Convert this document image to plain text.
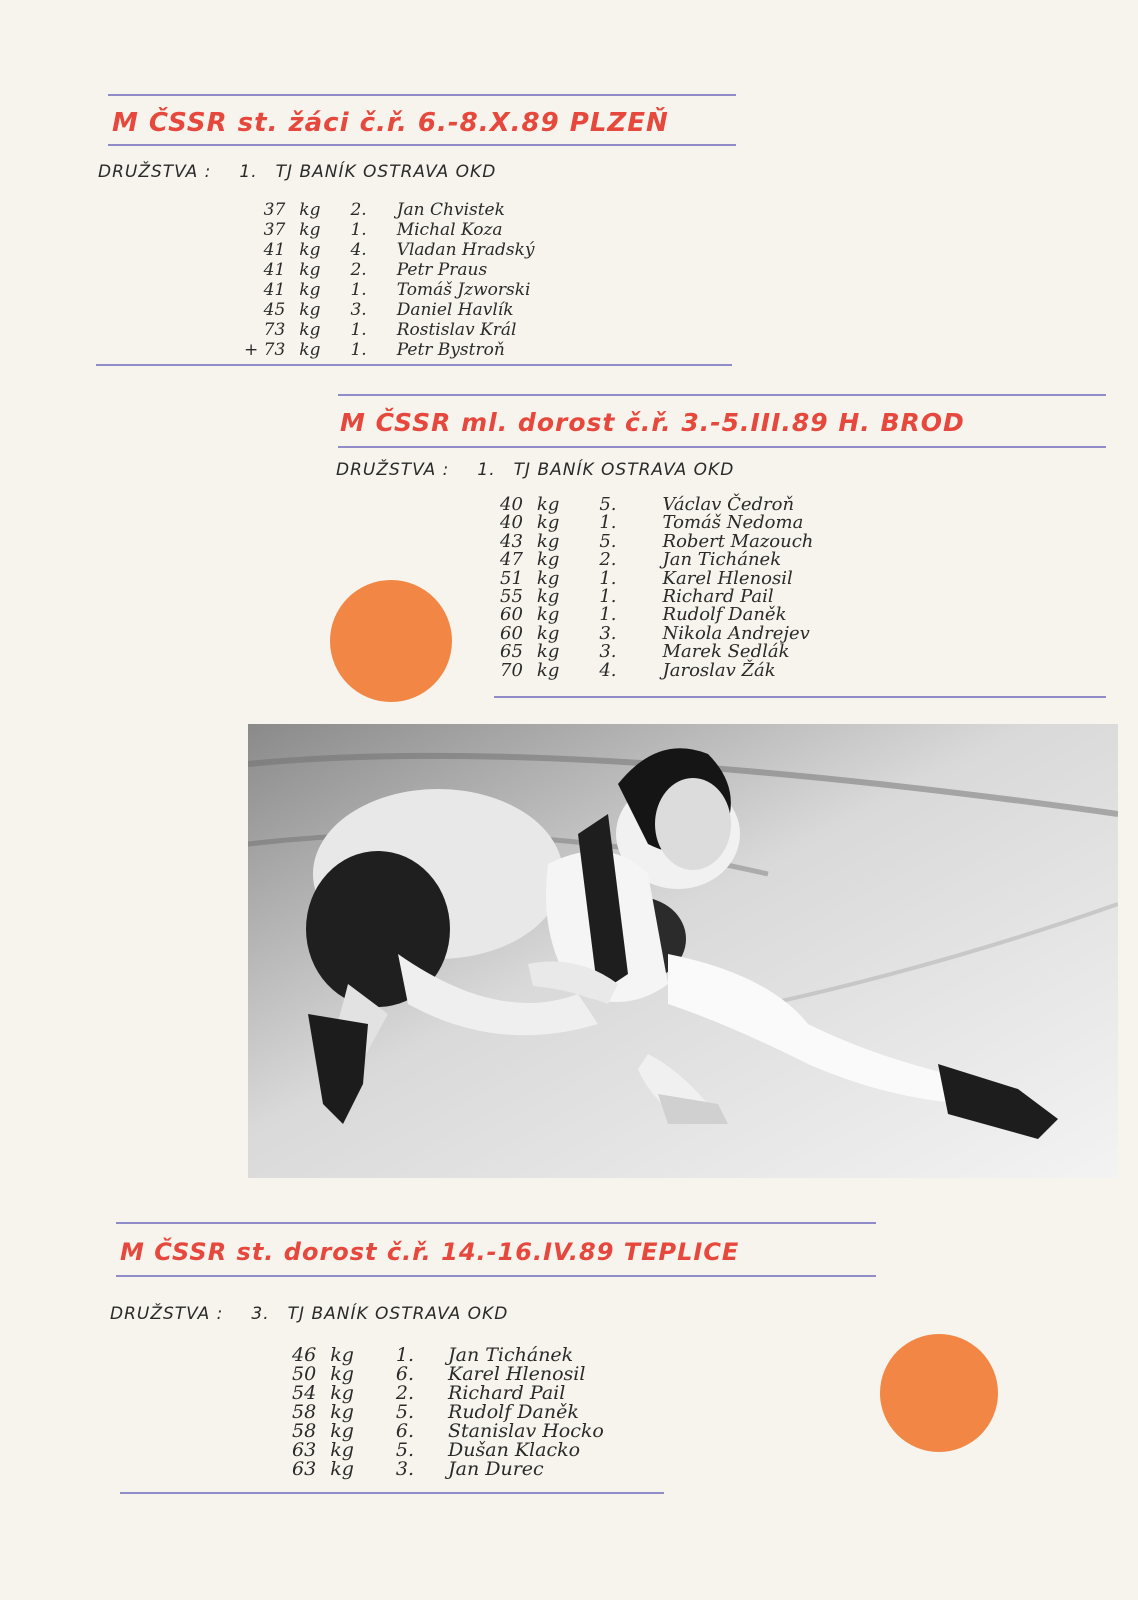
M ČSSR st. žáci č.ř. 6.-8.X.89 PLZEŇ
DRUŽSTVA : 1. TJ BANÍK OSTRAVA OKD
37	kg	2.	Jan Chvistek
37	kg	1.	Michal Koza
41	kg	4.	Vladan Hradský
41	kg	2.	Petr Praus
41	kg	1.	Tomáš Jzworski
45	kg	3.	Daniel Havlík
73	kg	1.	Rostislav Král
+ 73	kg	1.	Petr Bystroň
M ČSSR ml. dorost č.ř. 3.-5.III.89 H. BROD
DRUŽSTVA : 1. TJ BANÍK OSTRAVA OKD
40	kg	5.	Václav Čedroň
40	kg	1.	Tomáš Nedoma
43	kg	5.	Robert Mazouch
47	kg	2.	Jan Tichánek
51	kg	1.	Karel Hlenosil
55	kg	1.	Richard Pail
60	kg	1.	Rudolf Daněk
60	kg	3.	Nikola Andrejev
65	kg	3.	Marek Sedlák
70	kg	4.	Jaroslav Žák
M ČSSR st. dorost č.ř. 14.-16.IV.89 TEPLICE
DRUŽSTVA : 3. TJ BANÍK OSTRAVA OKD
46	kg	1.	Jan Tichánek
50	kg	6.	Karel Hlenosil
54	kg	2.	Richard Pail
58	kg	5.	Rudolf Daněk
58	kg	6.	Stanislav Hocko
63	kg	5.	Dušan Klacko
63	kg	3.	Jan Durec
